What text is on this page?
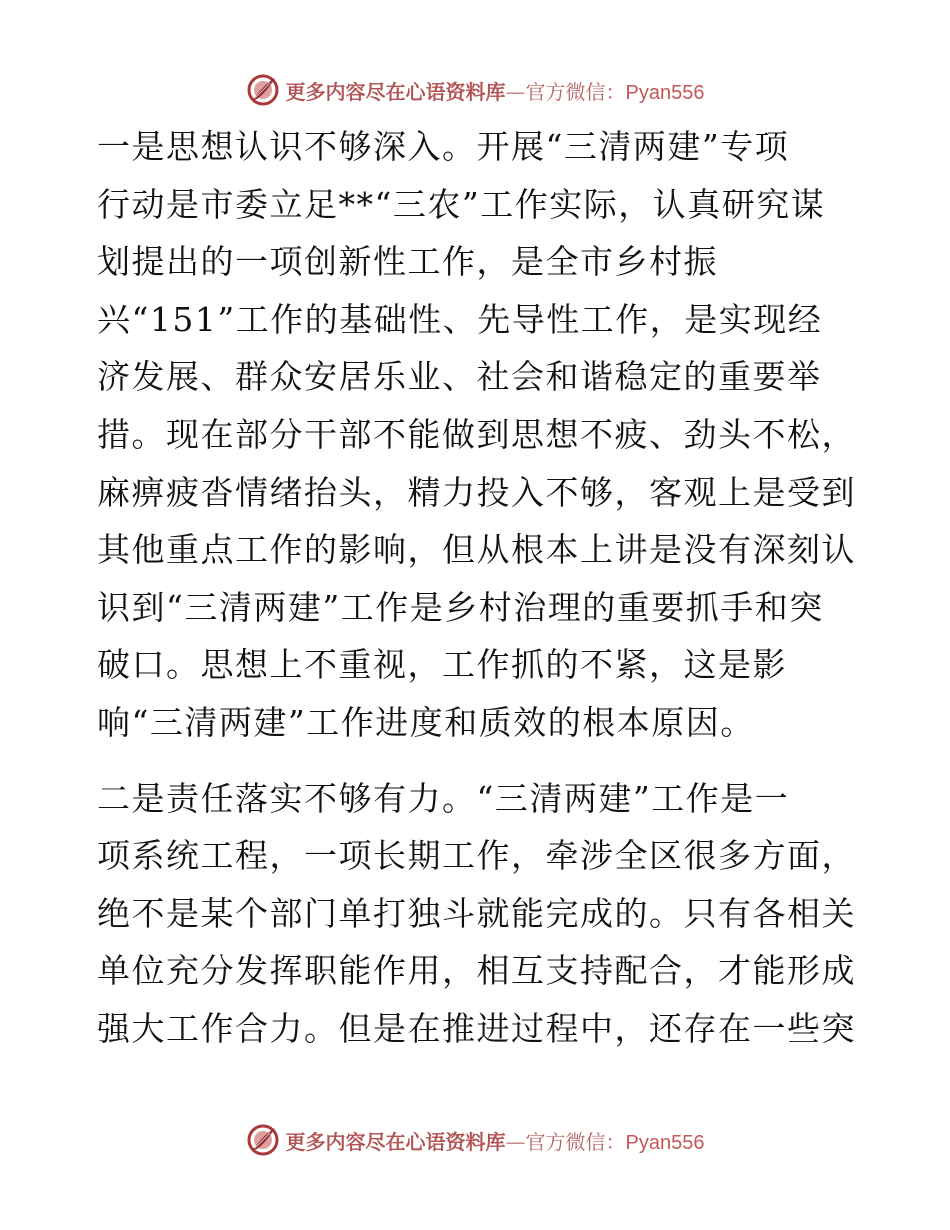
更多内容尽在心语资料库—官方微信：Pyan556
一是思想认识不够深入。开展“三清两建”专项
行动是市委立足**“三农”工作实际，认真研究谋
划提出的一项创新性工作，是全市乡村振
兴“151”工作的基础性、先导性工作，是实现经
济发展、群众安居乐业、社会和谐稳定的重要举
措。现在部分干部不能做到思想不疲、劲头不松，
麻痹疲沓情绪抬头，精力投入不够，客观上是受到
其他重点工作的影响，但从根本上讲是没有深刻认
识到“三清两建”工作是乡村治理的重要抓手和突
破口。思想上不重视，工作抓的不紧，这是影
响“三清两建”工作进度和质效的根本原因。
二是责任落实不够有力。“三清两建”工作是一
项系统工程，一项长期工作，牵涉全区很多方面，
绝不是某个部门单打独斗就能完成的。只有各相关
单位充分发挥职能作用，相互支持配合，才能形成
强大工作合力。但是在推进过程中，还存在一些突
更多内容尽在心语资料库—官方微信：Pyan556
